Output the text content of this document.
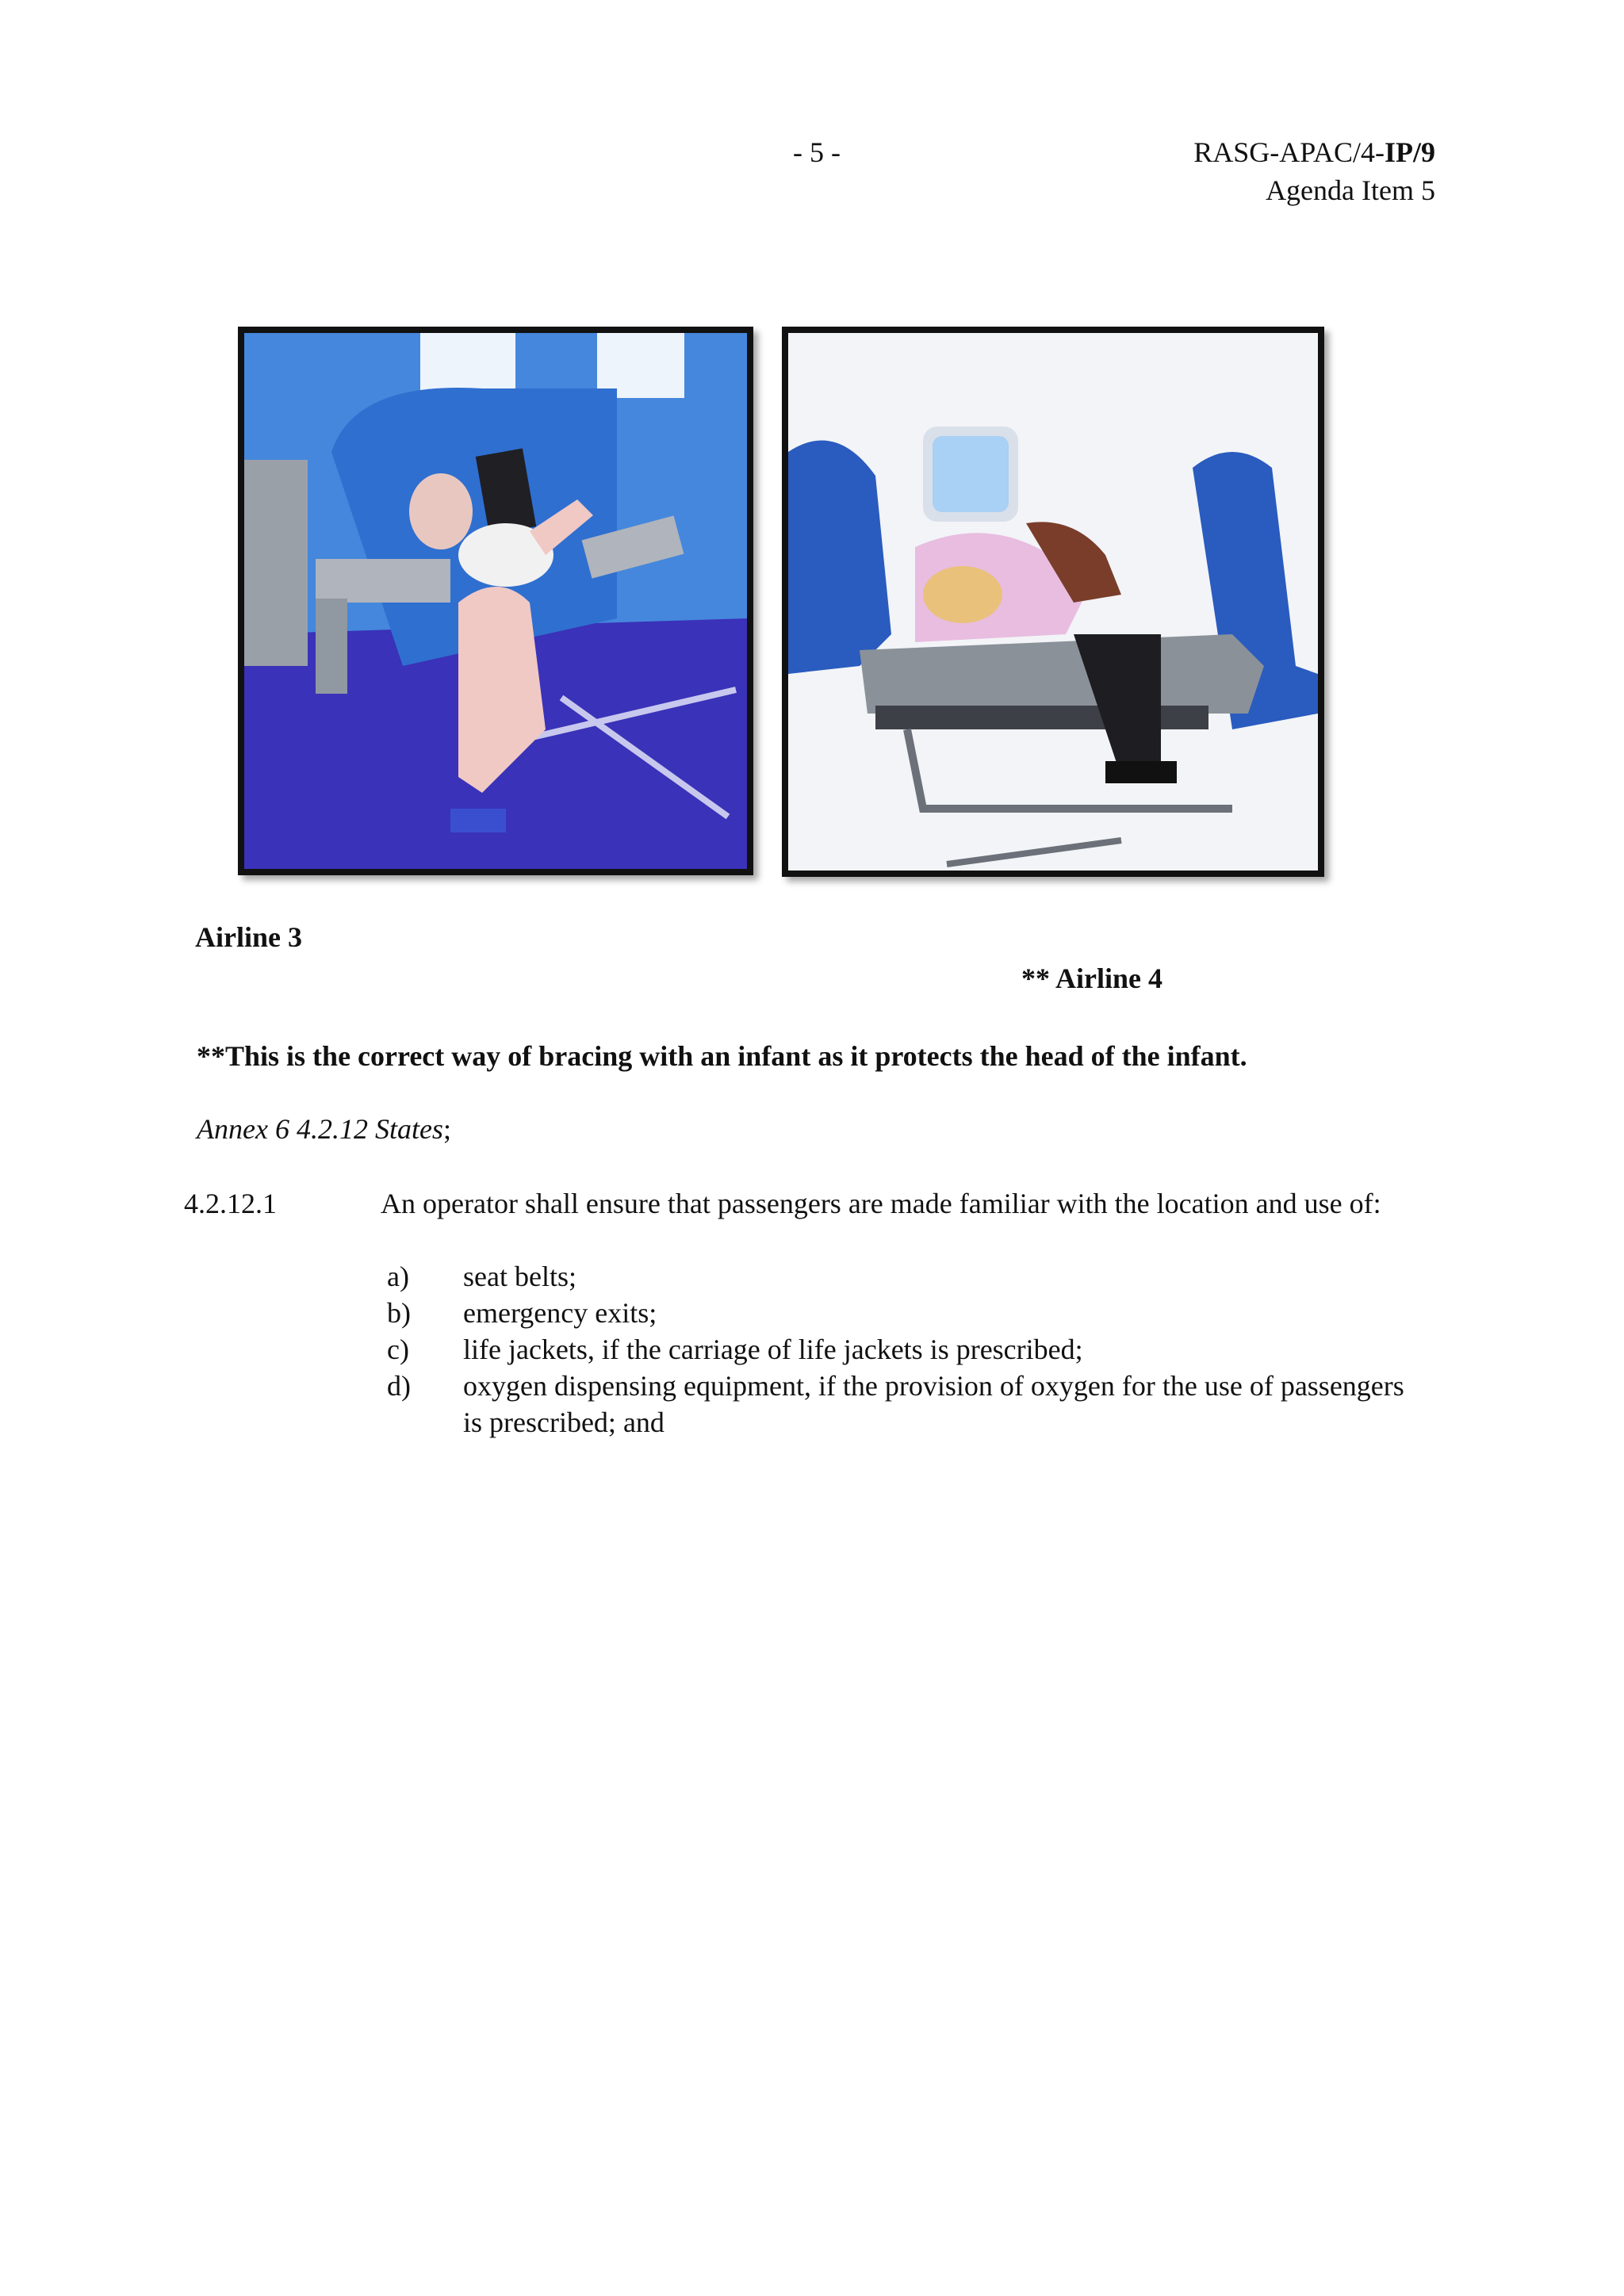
- 5 -	RASG-APAC/4-IP/9
Agenda Item 5
Airline 3
** Airline 4
**This is the correct way of bracing with an infant as it protects the head of the infant.
Annex 6 4.2.12 States;
4.2.12.1	An operator shall ensure that passengers are made familiar with the location and use of:
a) seat belts;
b) emergency exits;
c) life jackets, if the carriage of life jackets is prescribed;
d) oxygen dispensing equipment, if the provision of oxygen for the use of passengers
is prescribed; and
